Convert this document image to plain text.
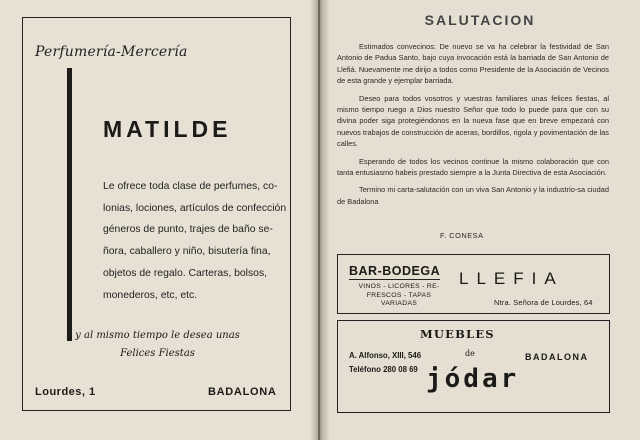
Perfumería-Mercería
MATILDE
Le ofrece toda clase de perfumes, co-
lonias, lociones, artículos de confección
géneros de punto, trajes de baño se-
ñora, caballero y niño, bisutería fina,
objetos de regalo. Carteras, bolsos,
monederos, etc, etc.
y al mismo tiempo le desea unas
Felices Fiestas
Lourdes, 1	BADALONA
SALUTACION

Estimados convecinos: De nuevo se va ha celebrar la festividad de San Antonio de Padua Santo, bajo cuya invocación está la barriada de San Antonio de Llefiá. Nuevamente me dirijo a todos como Presidente de la Asociación de Vecinos de esta grande y ejemplar barriada.

Deseo para todos vosotros y vuestras familiares unas felices fiestas, al mismo tiempo ruego a Dios nuestro Señor que todo lo puede para que con su divina poder siga protegiéndonos en la nueva fase que en breve empezará con nuevos trabajos de construcción de aceras, bordillos, rigola y povimentación de las calles.

Esperando de todos los vecinos continue la mismo colaboración que con tanta entusiasmo habeis prestado siempre a la Junta Directiva de esta Asociación.

Termino mi carta-salutación con un viva San Antonio y la industrio-sa ciudad de Badalona

F. CONESA
BAR-BODEGA
VINOS - LICORES - RE-
FRESCOS - TAPAS
VARIADAS
LLEFIA
Ntra. Señora de Lourdes, 64
MUEBLES
de	BADALONA
A. Alfonso, XIII, 546
Teléfono 280 08 69 jódar
